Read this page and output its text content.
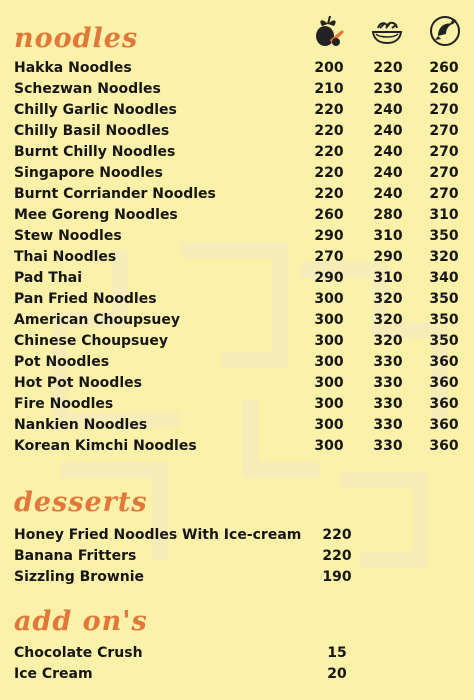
noodles
Hakka Noodles	200	220	260
Schezwan Noodles	210	230	260
Chilly Garlic Noodles	220	240	270
Chilly Basil Noodles	220	240	270
Burnt Chilly Noodles	220	240	270
Singapore Noodles	220	240	270
Burnt Corriander Noodles	220	240	270
Mee Goreng Noodles	260	280	310
Stew Noodles	290	310	350
Thai Noodles	270	290	320
Pad Thai	290	310	340
Pan Fried Noodles	300	320	350
American Choupsuey	300	320	350
Chinese Choupsuey	300	320	350
Pot Noodles	300	330	360
Hot Pot Noodles	300	330	360
Fire Noodles	300	330	360
Nankien Noodles	300	330	360
Korean Kimchi Noodles	300	330	360
desserts
Honey Fried Noodles With Ice-cream	220
Banana Fritters	220
Sizzling Brownie	190
add on's
Chocolate Crush	15
Ice Cream	20
